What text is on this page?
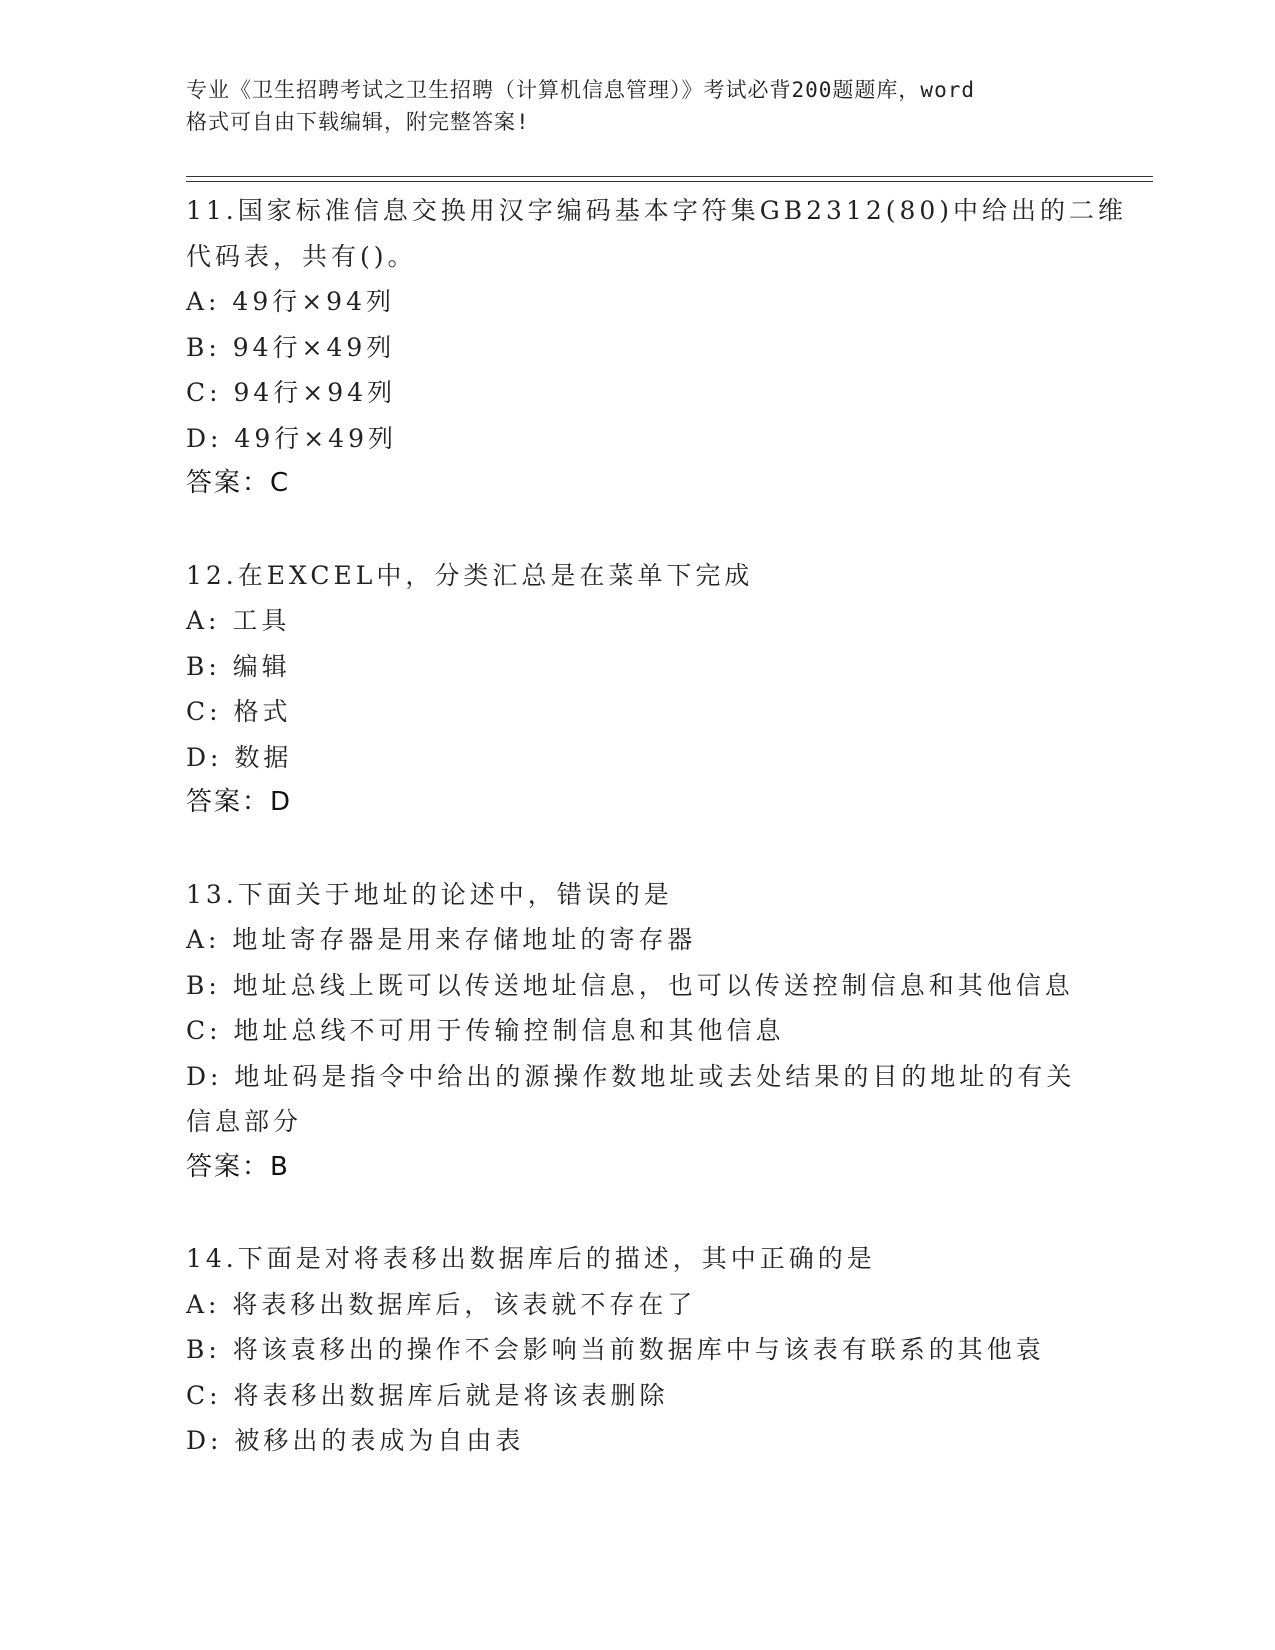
专业《卫生招聘考试之卫生招聘（计算机信息管理）》考试必背200题题库，word
格式可自由下载编辑，附完整答案!
11.国家标准信息交换用汉字编码基本字符集GB2312(80)中给出的二维
代码表，共有()。
A: 49行×94列
B: 94行×49列
C: 94行×94列
D: 49行×49列
答案：C
12.在EXCEL中，分类汇总是在菜单下完成
A: 工具
B: 编辑
C: 格式
D: 数据
答案：D
13.下面关于地址的论述中，错误的是
A: 地址寄存器是用来存储地址的寄存器
B: 地址总线上既可以传送地址信息，也可以传送控制信息和其他信息
C: 地址总线不可用于传输控制信息和其他信息
D: 地址码是指令中给出的源操作数地址或去处结果的目的地址的有关
信息部分
答案：B
14.下面是对将表移出数据库后的描述，其中正确的是
A: 将表移出数据库后，该表就不存在了
B: 将该袁移出的操作不会影响当前数据库中与该表有联系的其他袁
C: 将表移出数据库后就是将该表删除
D: 被移出的表成为自由表
